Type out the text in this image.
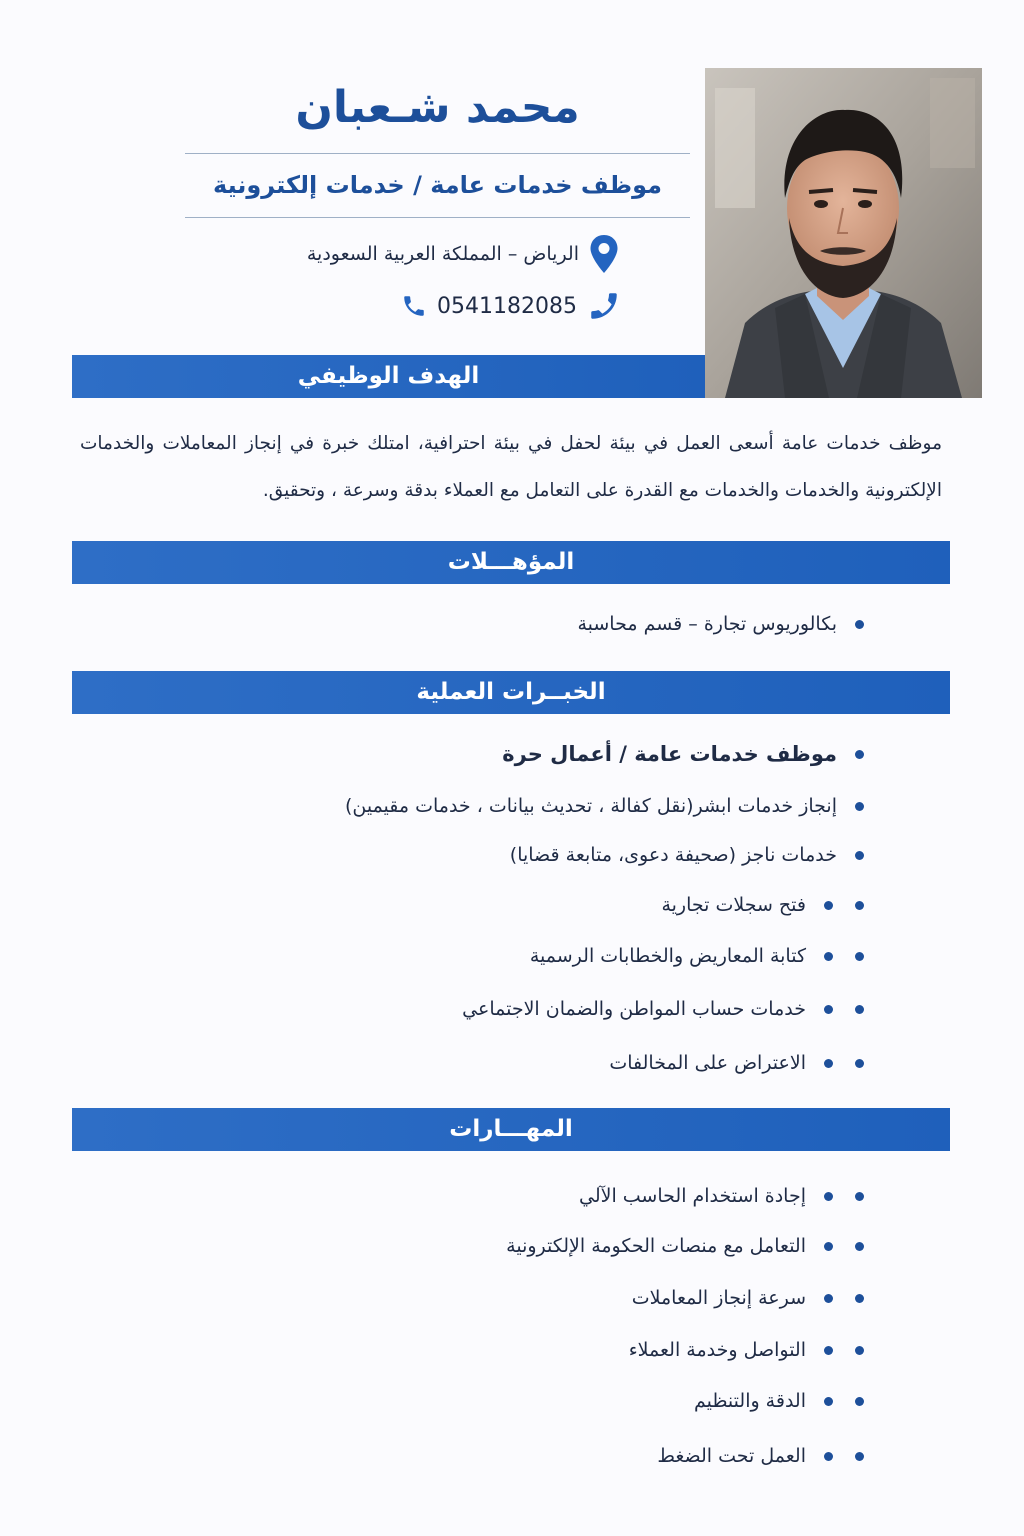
محمد شـعبان
موظف خدمات عامة / خدمات إلكترونية
الرياض – المملكة العربية السعودية
0541182085
الهدف الوظيفي
موظف خدمات عامة أسعى العمل في بيئة لحفل في بيئة احترافية، امتلك خبرة في إنجاز المعاملات والخدمات الإلكترونية والخدمات والخدمات مع القدرة على التعامل مع العملاء بدقة وسرعة ، وتحقيق.
المؤهـــلات
بكالوريوس تجارة – قسم محاسبة
الخبــرات العملية
موظف خدمات عامة / أعمال حرة
إنجاز خدمات ابشر(نقل كفالة ، تحديث بيانات ، خدمات مقيمين)
خدمات ناجز (صحيفة دعوى، متابعة قضايا)
فتح سجلات تجارية
كتابة المعاريض والخطابات الرسمية
خدمات حساب المواطن والضمان الاجتماعي
الاعتراض على المخالفات
المهـــارات
إجادة استخدام الحاسب الآلي
التعامل مع منصات الحكومة الإلكترونية
سرعة إنجاز المعاملات
التواصل وخدمة العملاء
الدقة والتنظيم
العمل تحت الضغط
